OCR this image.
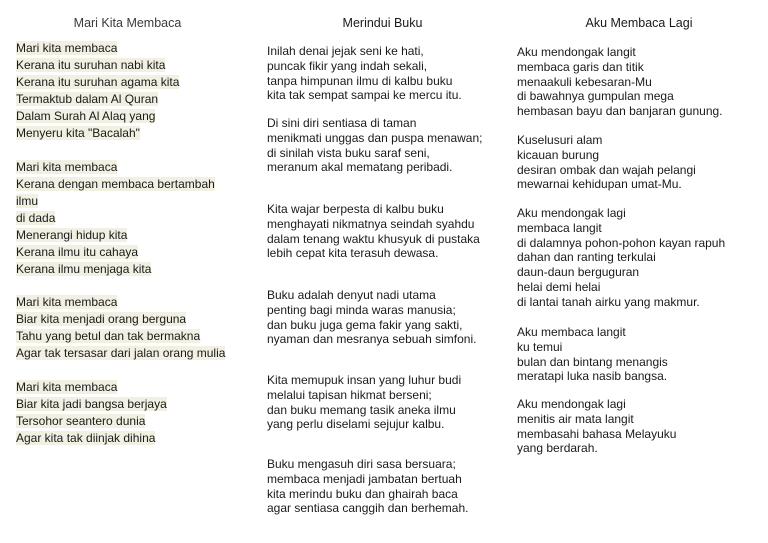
Mari Kita Membaca
Mari kita membaca
Kerana itu suruhan nabi kita
Kerana itu suruhan agama kita
Termaktub dalam Al Quran
Dalam Surah Al Alaq yang
Menyeru kita "Bacalah"
Mari kita membaca
Kerana dengan membaca bertambah
ilmu
di dada
Menerangi hidup kita
Kerana ilmu itu cahaya
Kerana ilmu menjaga kita
Mari kita membaca
Biar kita menjadi orang berguna
Tahu yang betul dan tak bermakna
Agar tak tersasar dari jalan orang mulia
Mari kita membaca
Biar kita jadi bangsa berjaya
Tersohor seantero dunia
Agar kita tak diinjak dihina
Merindui Buku
Inilah denai jejak seni ke hati,
puncak fikir yang indah sekali,
tanpa himpunan ilmu di kalbu buku
kita tak sempat sampai ke mercu itu.
Di sini diri sentiasa di taman
menikmati unggas dan puspa menawan;
di sinilah vista buku saraf seni,
meranum akal mematang peribadi.
Kita wajar berpesta di kalbu buku
menghayati nikmatnya seindah syahdu
dalam tenang waktu khusyuk di pustaka
lebih cepat kita terasuh dewasa.
Buku adalah denyut nadi utama
penting bagi minda waras manusia;
dan buku juga gema fakir yang sakti,
nyaman dan mesranya sebuah simfoni.
Kita memupuk insan yang luhur budi
melalui tapisan hikmat berseni;
dan buku memang tasik aneka ilmu
yang perlu diselami sejujur kalbu.
Buku mengasuh diri sasa bersuara;
membaca menjadi jambatan bertuah
kita merindu buku dan ghairah baca
agar sentiasa canggih dan berhemah.
Aku Membaca Lagi
Aku mendongak langit
membaca garis dan titik
menaakuli kebesaran-Mu
di bawahnya gumpulan mega
hembasan bayu dan banjaran gunung.
Kuselusuri alam
kicauan burung
desiran ombak dan wajah pelangi
mewarnai kehidupan umat-Mu.
Aku mendongak lagi
membaca langit
di dalamnya pohon-pohon kayan rapuh
dahan dan ranting terkulai
daun-daun berguguran
helai demi helai
di lantai tanah airku yang makmur.
Aku membaca langit
ku temui
bulan dan bintang menangis
meratapi luka nasib bangsa.
Aku mendongak lagi
menitis air mata langit
membasahi bahasa Melayuku
yang berdarah.
